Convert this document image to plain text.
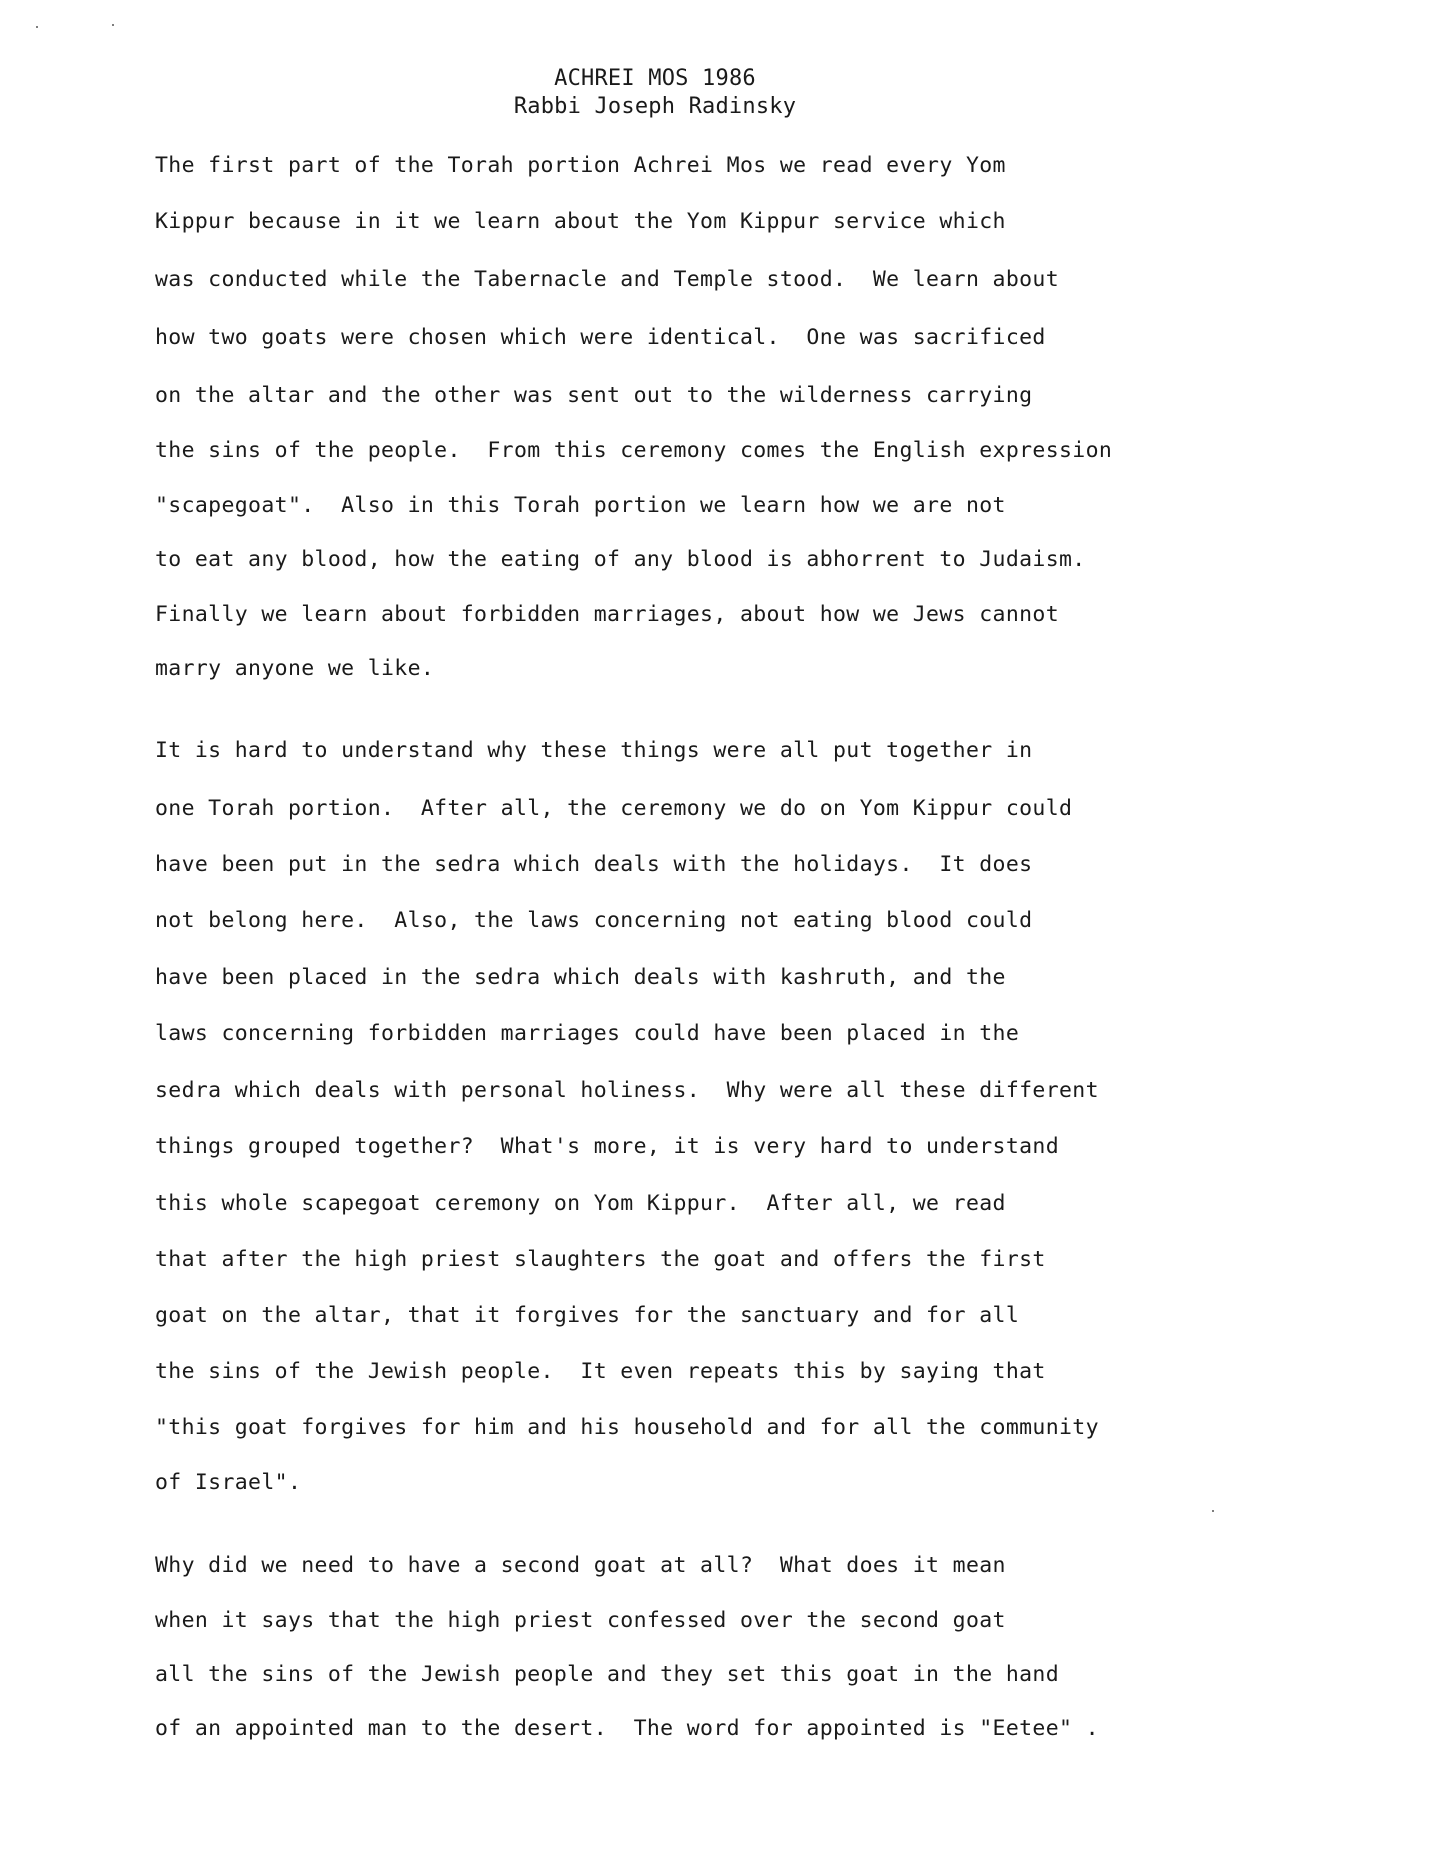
ACHREI MOS 1986
Rabbi Joseph Radinsky
The first part of the Torah portion Achrei Mos we read every Yom
Kippur because in it we learn about the Yom Kippur service which
was conducted while the Tabernacle and Temple stood.  We learn about
how two goats were chosen which were identical.  One was sacrificed
on the altar and the other was sent out to the wilderness carrying
the sins of the people.  From this ceremony comes the English expression
"scapegoat".  Also in this Torah portion we learn how we are not
to eat any blood, how the eating of any blood is abhorrent to Judaism.
Finally we learn about forbidden marriages, about how we Jews cannot
marry anyone we like.
It is hard to understand why these things were all put together in
one Torah portion.  After all, the ceremony we do on Yom Kippur could
have been put in the sedra which deals with the holidays.  It does
not belong here.  Also, the laws concerning not eating blood could
have been placed in the sedra which deals with kashruth, and the
laws concerning forbidden marriages could have been placed in the
sedra which deals with personal holiness.  Why were all these different
things grouped together?  What's more, it is very hard to understand
this whole scapegoat ceremony on Yom Kippur.  After all, we read
that after the high priest slaughters the goat and offers the first
goat on the altar, that it forgives for the sanctuary and for all
the sins of the Jewish people.  It even repeats this by saying that
"this goat forgives for him and his household and for all the community
of Israel".
Why did we need to have a second goat at all?  What does it mean
when it says that the high priest confessed over the second goat
all the sins of the Jewish people and they set this goat in the hand
of an appointed man to the desert.  The word for appointed is "Eetee" .
